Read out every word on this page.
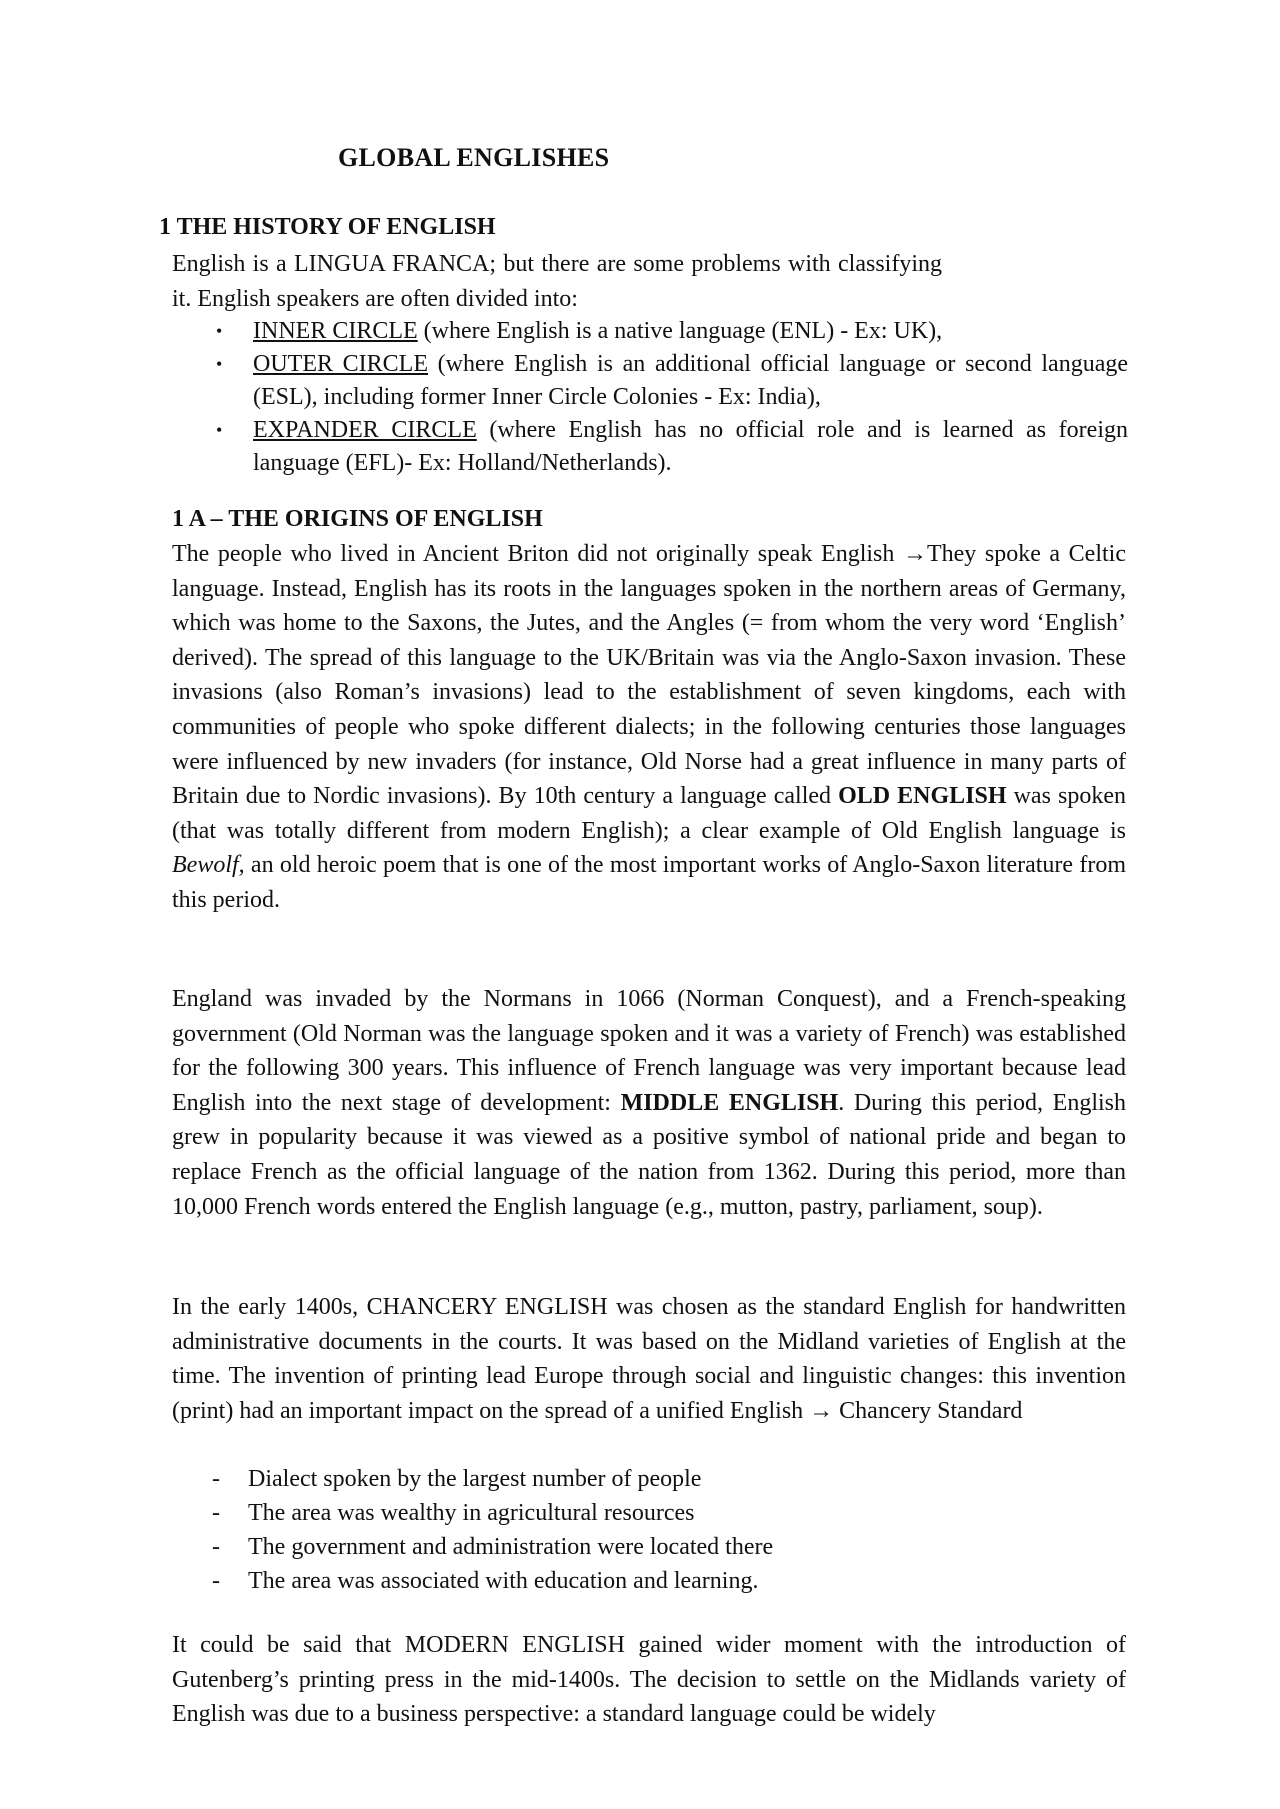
GLOBAL ENGLISHES
1 THE HISTORY OF ENGLISH

English is a LINGUA FRANCA; but there are some problems with classifying it. English speakers are often divided into:

• INNER CIRCLE (where English is a native language (ENL) - Ex: UK),
• OUTER CIRCLE (where English is an additional official language or second language (ESL), including former Inner Circle Colonies - Ex: India),
• EXPANDER CIRCLE (where English has no official role and is learned as foreign language (EFL)- Ex: Holland/Netherlands).
1 A – THE ORIGINS OF ENGLISH

The people who lived in Ancient Briton did not originally speak English →They spoke a Celtic language. Instead, English has its roots in the languages spoken in the northern areas of Germany, which was home to the Saxons, the Jutes, and the Angles (= from whom the very word ‘English’ derived). The spread of this language to the UK/Britain was via the Anglo-Saxon invasion. These invasions (also Roman’s invasions) lead to the establishment of seven kingdoms, each with communities of people who spoke different dialects; in the following centuries those languages were influenced by new invaders (for instance, Old Norse had a great influence in many parts of Britain due to Nordic invasions). By 10th century a language called OLD ENGLISH was spoken (that was totally different from modern English); a clear example of Old English language is Bewolf, an old heroic poem that is one of the most important works of Anglo-Saxon literature from this period.

England was invaded by the Normans in 1066 (Norman Conquest), and a French-speaking government (Old Norman was the language spoken and it was a variety of French) was established for the following 300 years. This influence of French language was very important because lead English into the next stage of development: MIDDLE ENGLISH. During this period, English grew in popularity because it was viewed as a positive symbol of national pride and began to replace French as the official language of the nation from 1362. During this period, more than 10,000 French words entered the English language (e.g., mutton, pastry, parliament, soup).

In the early 1400s, CHANCERY ENGLISH was chosen as the standard English for handwritten administrative documents in the courts. It was based on the Midland varieties of English at the time. The invention of printing lead Europe through social and linguistic changes: this invention (print) had an important impact on the spread of a unified English → Chancery Standard

- Dialect spoken by the largest number of people
- The area was wealthy in agricultural resources
- The government and administration were located there
- The area was associated with education and learning.

It could be said that MODERN ENGLISH gained wider moment with the introduction of Gutenberg’s printing press in the mid-1400s. The decision to settle on the Midlands variety of English was due to a business perspective: a standard language could be widely
